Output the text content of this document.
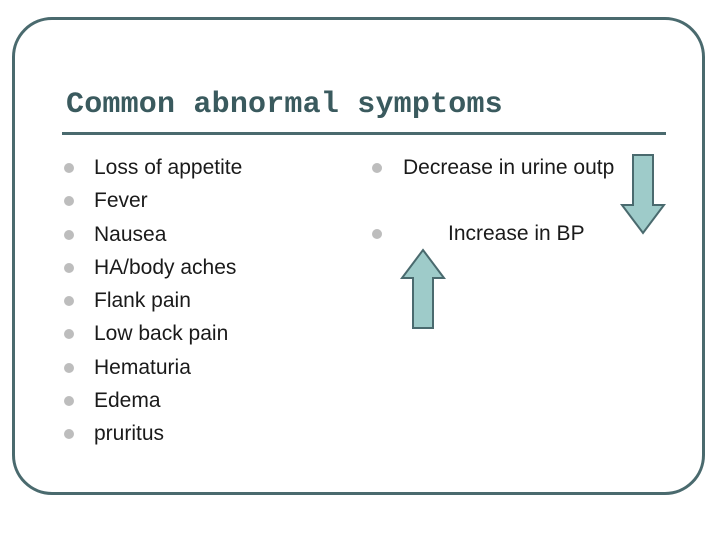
Common abnormal symptoms
Loss of appetite
Fever
Nausea
HA/body aches
Flank pain
Low back pain
Hematuria
Edema
pruritus
Decrease in urine outp
Increase in BP
